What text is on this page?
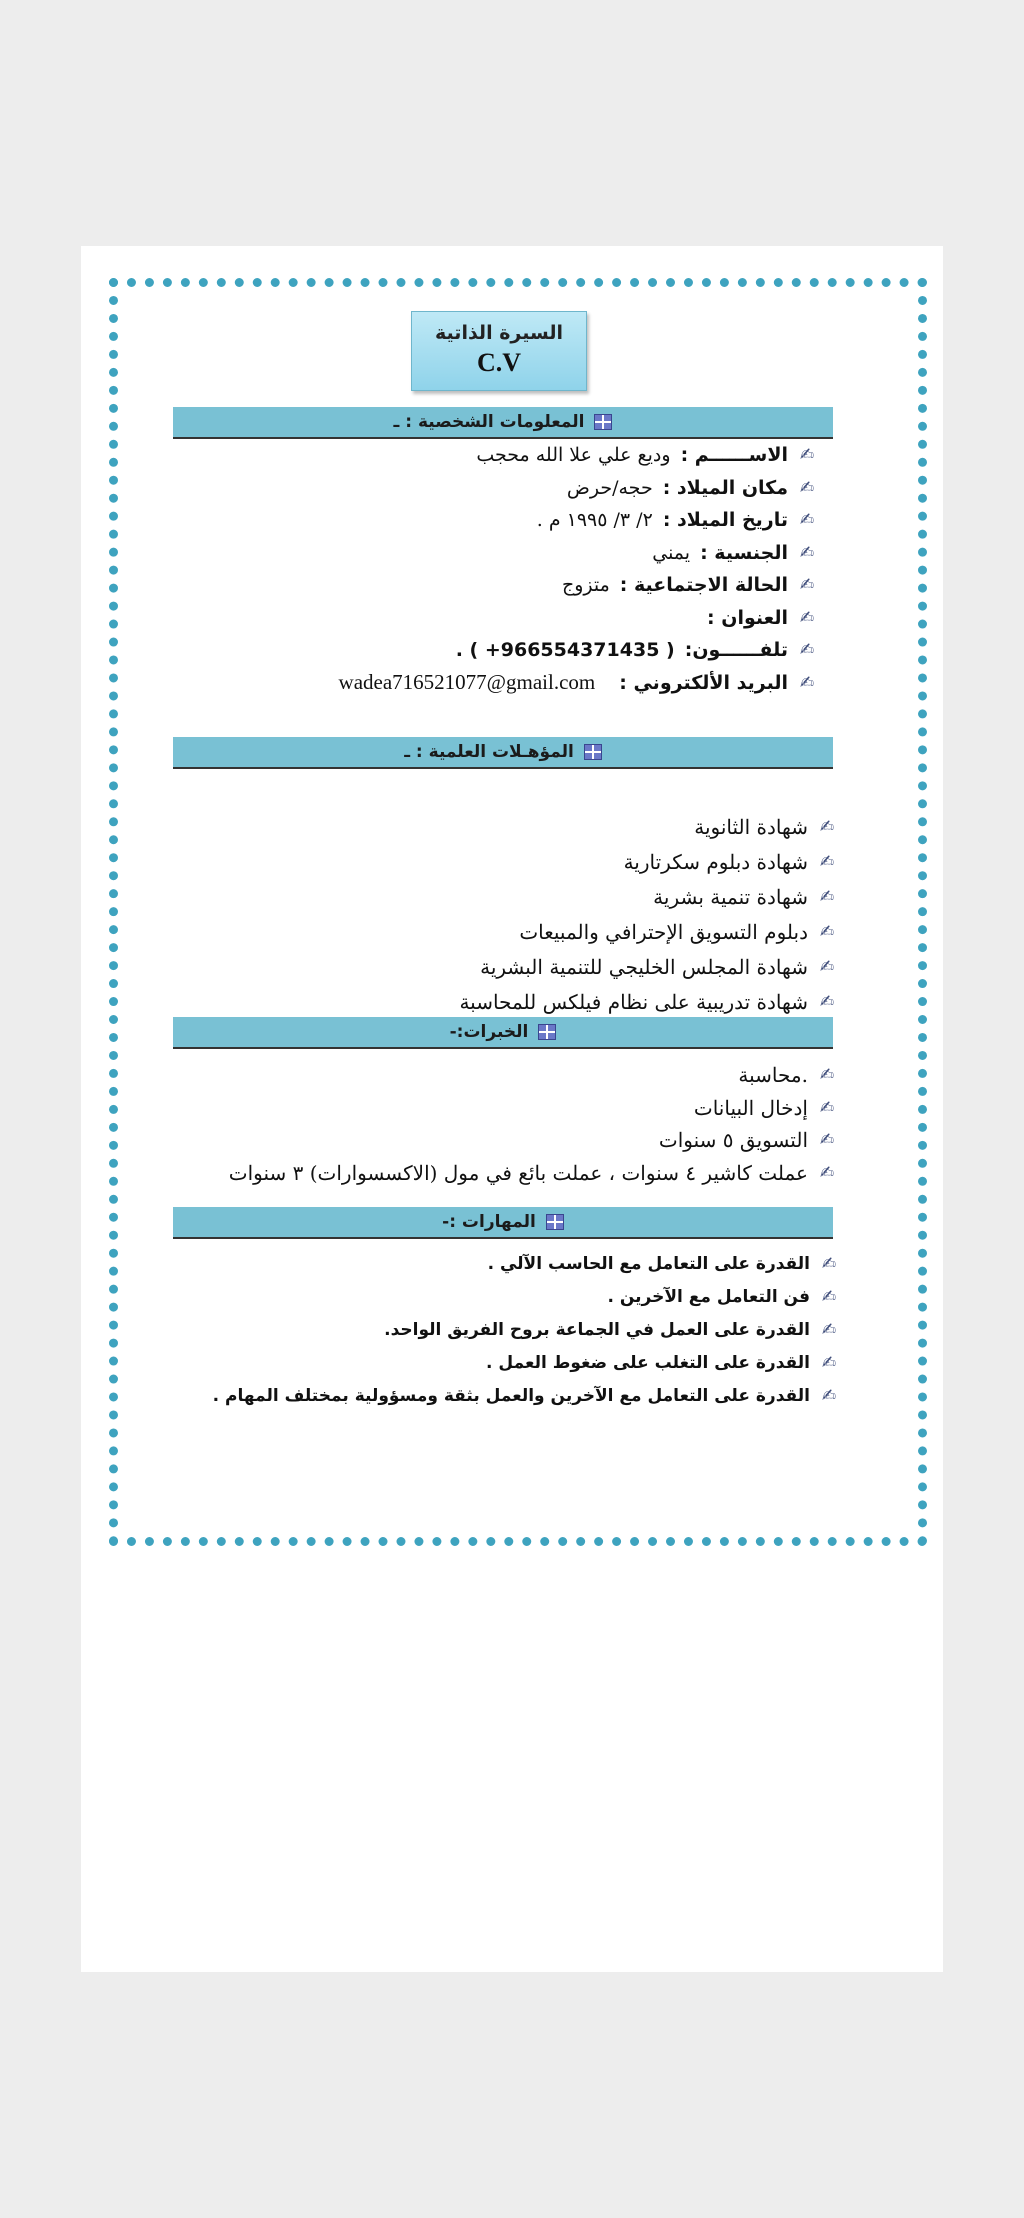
السيرة الذاتية
C.V
المعلومات الشخصية : ـ
✍
الاســــــم :
وديع علي علا الله محجب
✍
مكان الميلاد :
حجه/حرض
✍
تاريخ الميلاد :
٢/ ٣/ ١٩٩٥ م .
✍
الجنسية :
يمني
✍
الحالة الاجتماعية :
متزوج
✍
العنوان :
✍
تلفــــــون:
( 966554371435+ ) .
✍
البريد الألكتروني :
wadea716521077@gmail.com
المؤهـلات العلمية : ـ
✍
شهادة الثانوية
✍
شهادة دبلوم سكرتارية
✍
شهادة تنمية بشرية
✍
دبلوم التسويق الإحترافي والمبيعات
✍
شهادة المجلس الخليجي للتنمية البشرية
✍
شهادة تدريبية على نظام فيلكس للمحاسبة
الخبرات:-
✍
.محاسبة
✍
إدخال البيانات
✍
التسويق ٥ سنوات
✍
عملت كاشير ٤ سنوات ، عملت بائع في مول (الاكسسوارات) ٣ سنوات
المهارات :-
✍
القدرة على التعامل مع الحاسب الآلي .
✍
فن التعامل مع الآخرين .
✍
القدرة على العمل في الجماعة بروح الفريق الواحد.
✍
القدرة على التغلب على ضغوط العمل .
✍
القدرة على التعامل مع الآخرين والعمل بثقة ومسؤولية بمختلف المهام .
